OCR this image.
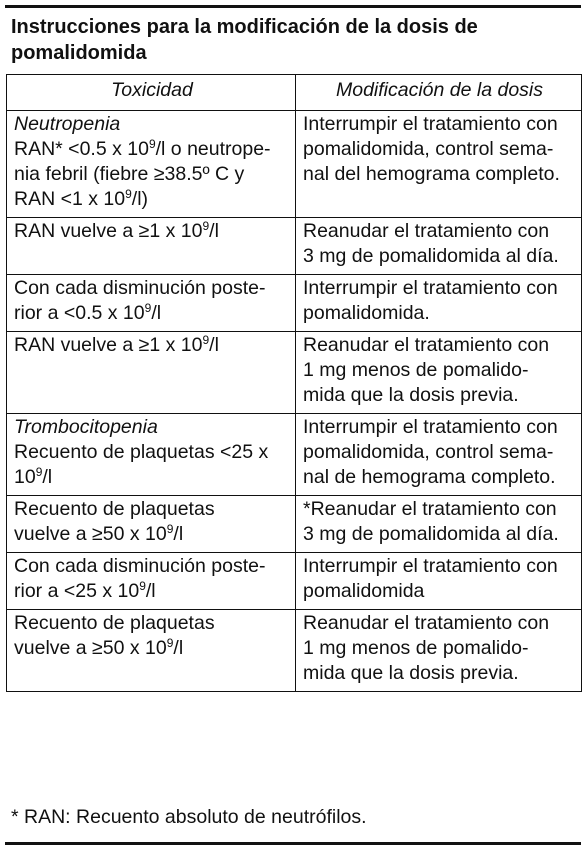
Instrucciones para la modificación de la dosis de pomalidomida
Toxicidad	Modificación de la dosis

Neutropenia
RAN* <0.5 x $10^9/l$ o neutrope-
nia febril (fiebre ≥38.5º C y
RAN <1 x $10^9/l$)	Interrumpir el tratamiento con
pomalidomida, control sema-
nal del hemograma completo.

RAN vuelve a ≥1 x $10^9/l$	Reanudar el tratamiento con
3 mg de pomalidomida al día.

Con cada disminución poste-
rior a <0.5 x $10^9/l$	Interrumpir el tratamiento con
pomalidomida.

RAN vuelve a ≥1 x $10^9/l$	Reanudar el tratamiento con
1 mg menos de pomalido-
mida que la dosis previa.

Trombocitopenia
Recuento de plaquetas <25 x
$10^9/l$	Interrumpir el tratamiento con
pomalidomida, control sema-
nal de hemograma completo.

Recuento de plaquetas
vuelve a ≥50 x $10^9/l$	*Reanudar el tratamiento con
3 mg de pomalidomida al día.

Con cada disminución poste-
rior a <25 x $10^9/l$	Interrumpir el tratamiento con
pomalidomida

Recuento de plaquetas
vuelve a ≥50 x $10^9/l$	Reanudar el tratamiento con
1 mg menos de pomalido-
mida que la dosis previa.
* RAN: Recuento absoluto de neutrófilos.
